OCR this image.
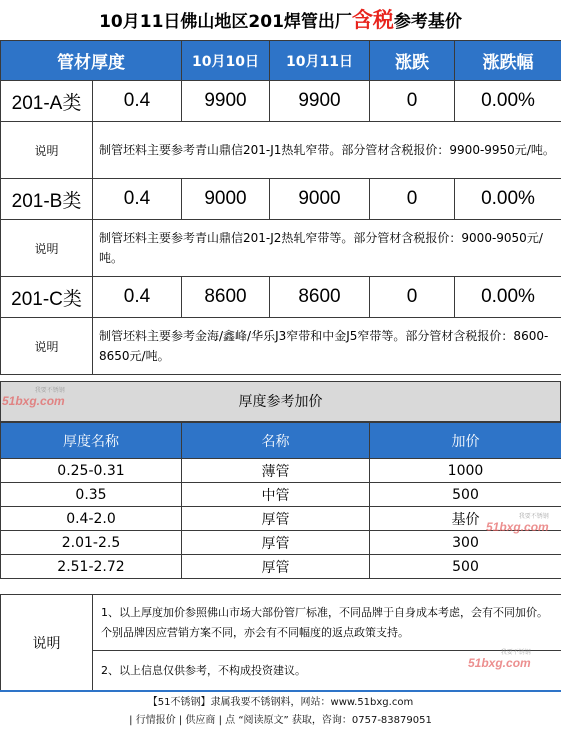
10月11日佛山地区201焊管出厂含税参考基价
管材厚度		10月10日	10月11日	涨跌	涨跌幅
201-A类	0.4	9900	9900	0	0.00%
说明	制管坯料主要参考青山鼎信201-J1热轧窄带。部分管材含税报价：9900-9950元/吨。				
201-B类	0.4	9000	9000	0	0.00%
说明	制管坯料主要参考青山鼎信201-J2热轧窄带等。部分管材含税报价：9000-9050元/吨。				
201-C类	0.4	8600	8600	0	0.00%
说明	制管坯料主要参考金海/鑫峰/华乐J3窄带和中金J5窄带等。部分管材含税报价：8600-8650元/吨。				
厚度参考加价
厚度名称	名称	加价
0.25-0.31	薄管	1000
0.35	中管	500
0.4-2.0	厚管	基价
2.01-2.5	厚管	300
2.51-2.72	厚管	500
说明	1、以上厚度加价参照佛山市场大部份管厂标准，不同品牌于自身成本考虑，会有不同加价。个别品牌因应营销方案不同，亦会有不同幅度的返点政策支持。
2、以上信息仅供参考，不构成投资建议。
【51不锈钢】隶属我要不锈钢料，网站：www.51bxg.com
| 行情报价 | 供应商 | 点 “阅读原文” 获取，咨询：0757-83879051
我要不锈钢
51bxg.com
我要不锈钢
51bxg.com
我要不锈钢
51bxg.com
